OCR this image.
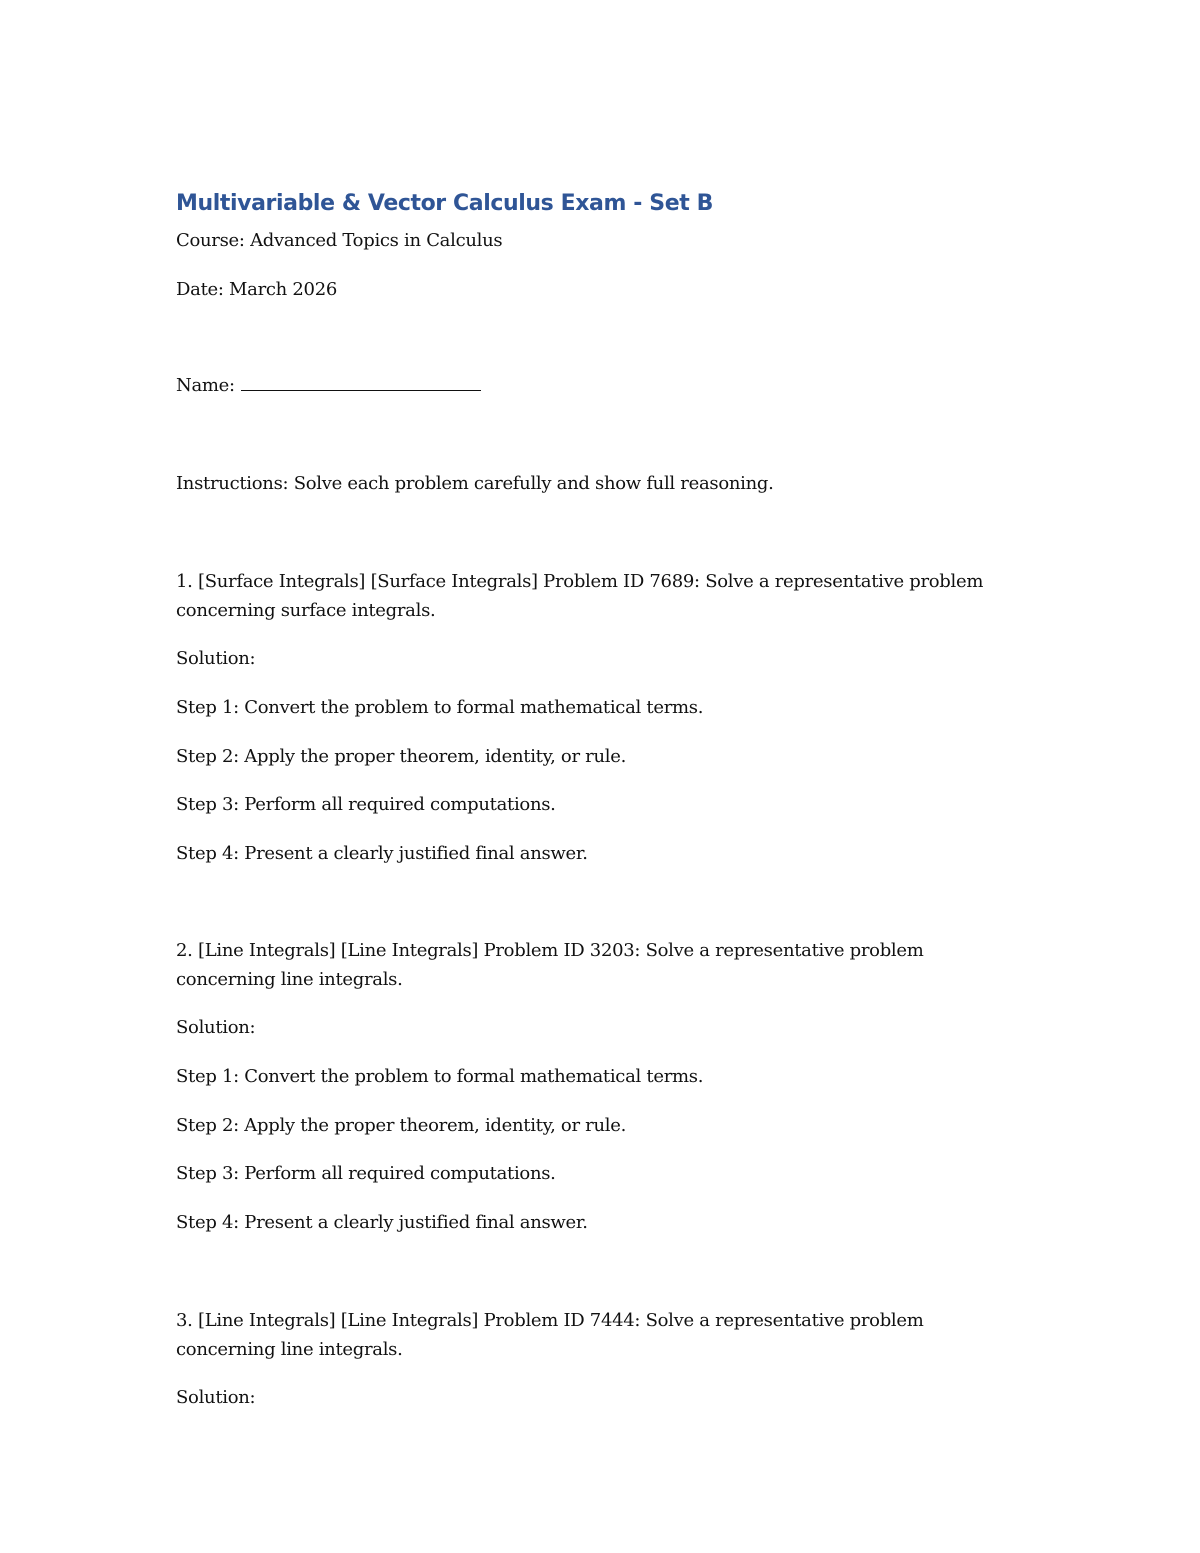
Multivariable & Vector Calculus Exam - Set B
Course: Advanced Topics in Calculus
Date: March 2026
Name:
Instructions: Solve each problem carefully and show full reasoning.
1. [Surface Integrals] [Surface Integrals] Problem ID 7689: Solve a representative problem
concerning surface integrals.
Solution:
Step 1: Convert the problem to formal mathematical terms.
Step 2: Apply the proper theorem, identity, or rule.
Step 3: Perform all required computations.
Step 4: Present a clearly justified final answer.
2. [Line Integrals] [Line Integrals] Problem ID 3203: Solve a representative problem
concerning line integrals.
Solution:
Step 1: Convert the problem to formal mathematical terms.
Step 2: Apply the proper theorem, identity, or rule.
Step 3: Perform all required computations.
Step 4: Present a clearly justified final answer.
3. [Line Integrals] [Line Integrals] Problem ID 7444: Solve a representative problem
concerning line integrals.
Solution:
